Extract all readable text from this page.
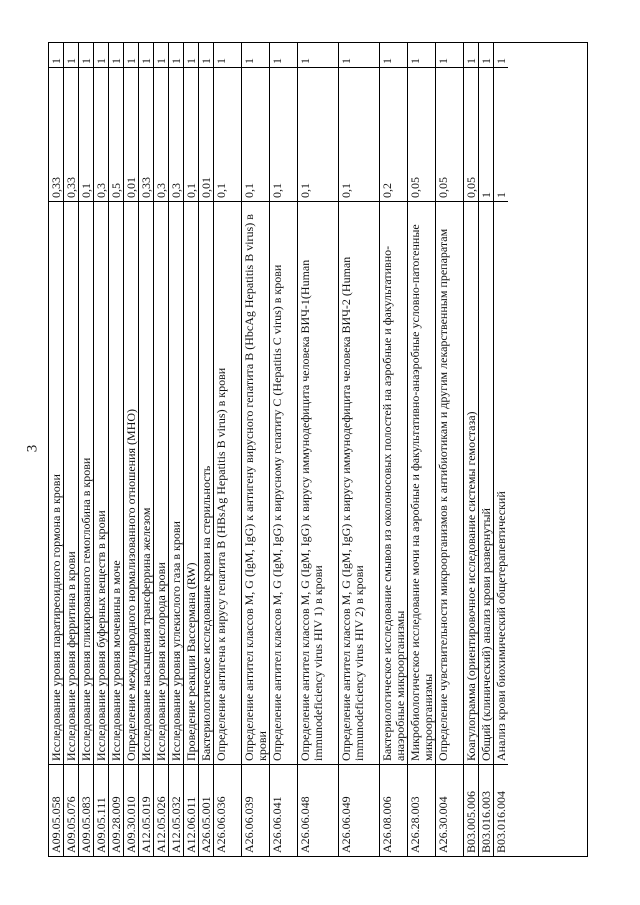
3
A09.05.058
Исследование уровня паратиреоидного гормона в крови
0,33
1
A09.05.076
Исследование уровня ферритина в крови
0,33
1
A09.05.083
Исследование уровня гликированного гемоглобина в крови
0,1
1
A09.05.111
Исследование уровня буферных веществ в крови
0,3
1
A09.28.009
Исследование уровня мочевины в моче
0,5
1
A09.30.010
Определение международного нормализованного отношения (МНО)
0,01
1
A12.05.019
Исследование насыщения трансферрина железом
0,33
1
A12.05.026
Исследование уровня кислорода крови
0,3
1
A12.05.032
Исследование уровня углекислого газа в крови
0,3
1
A12.06.011
Проведение реакции Вассермана (RW)
0,1
1
A26.05.001
Бактериологическое исследование крови на стерильность
0,01
1
A26.06.036
Определение антигена к вирусу гепатита В (HBsAg Hepatitis В virus) в крови
0,1
1
A26.06.039
Определение антител классов М, G (IgM, IgG) к антигену вирусного гепатита В (HbcAg Hepatitis В virus) в крови
0,1
1
A26.06.041
Определение антител классов М, G (IgM, IgG) к вирусному гепатиту С (Hepatitis С virus) в крови
0,1
1
A26.06.048
Определение антител классов М, G (IgM, IgG) к вирусу иммунодефицита человека ВИЧ-1(Human immunodeficiency virus HIV 1) в крови
0,1
1
A26.06.049
Определение антител классов М, G (IgM, IgG) к вирусу иммунодефицита человека ВИЧ-2 (Human immunodeficiency virus HIV 2) в крови
0,1
1
A26.08.006
Бактериологическое исследование смывов из околоносовых полостей на аэробные и факультативно-анаэробные микроорганизмы
0,2
1
A26.28.003
Микробиологическое исследование мочи на аэробные и факультативно-анаэробные условно-патогенные микроорганизмы
0,05
1
A26.30.004
Определение чувствительности микроорганизмов к антибиотикам и другим лекарственным препаратам
0,05
1
B03.005.006
Коагулограмма (ориентировочное исследование системы гемостаза)
0,05
1
B03.016.003
Общий (клинический) анализ крови развернутый
1
1
B03.016.004
Анализ крови биохимический общетерапевтический
1
1
